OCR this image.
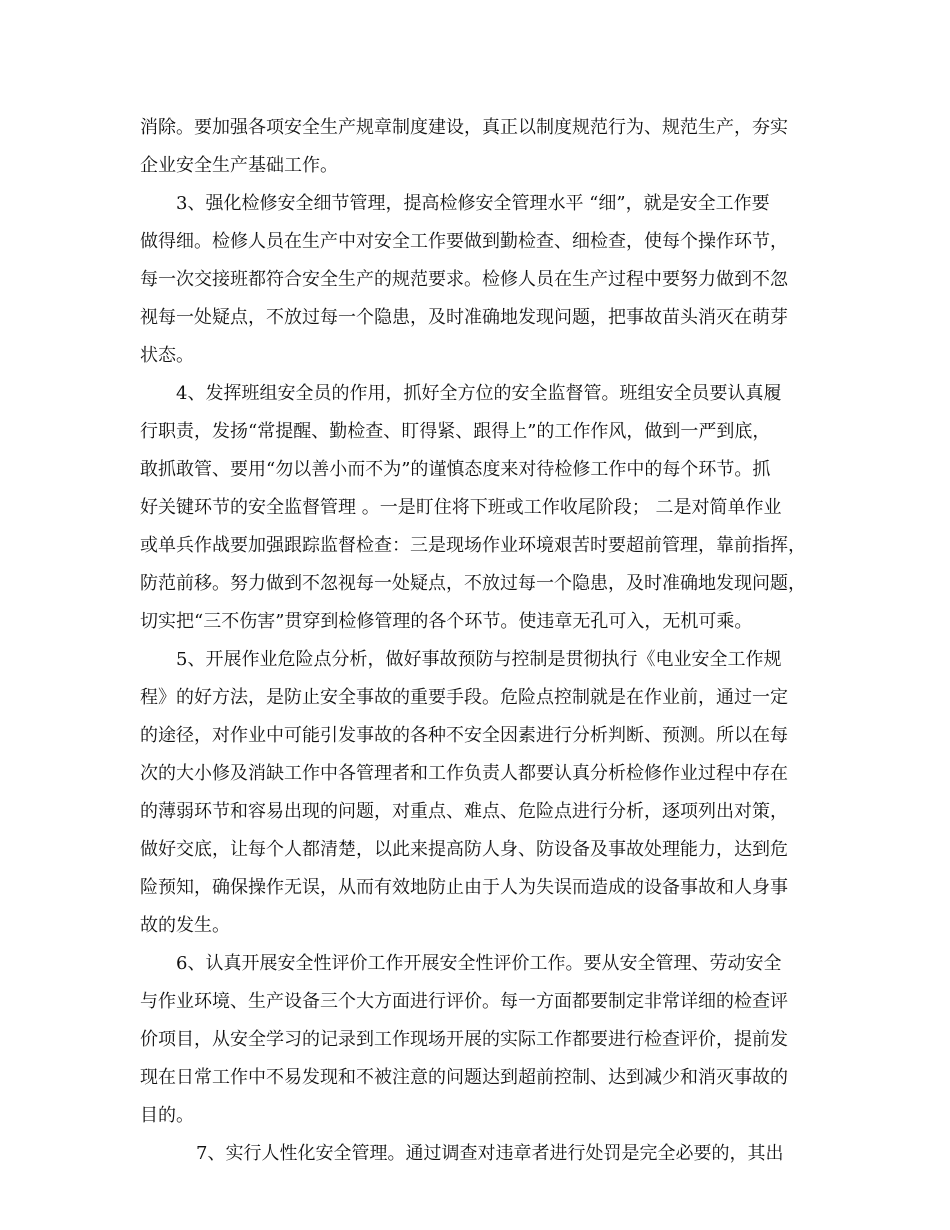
消除。要加强各项安全生产规章制度建设，真正以制度规范行为、规范生产，夯实
企业安全生产基础工作。
3、强化检修安全细节管理，提高检修安全管理水平 “细”，就是安全工作要
做得细。检修人员在生产中对安全工作要做到勤检查、细检查，使每个操作环节，
每一次交接班都符合安全生产的规范要求。检修人员在生产过程中要努力做到不忽
视每一处疑点，不放过每一个隐患，及时准确地发现问题，把事故苗头消灭在萌芽
状态。
4、发挥班组安全员的作用，抓好全方位的安全监督管。班组安全员要认真履
行职责，发扬“常提醒、勤检查、盯得紧、跟得上”的工作作风，做到一严到底，
敢抓敢管、要用“勿以善小而不为”的谨慎态度来对待检修工作中的每个环节。抓
好关键环节的安全监督管理 。一是盯住将下班或工作收尾阶段； 二是对简单作业
或单兵作战要加强跟踪监督检查：三是现场作业环境艰苦时要超前管理，靠前指挥，
防范前移。努力做到不忽视每一处疑点，不放过每一个隐患，及时准确地发现问题，
切实把“三不伤害”贯穿到检修管理的各个环节。使违章无孔可入，无机可乘。
5、开展作业危险点分析，做好事故预防与控制是贯彻执行《电业安全工作规
程》的好方法，是防止安全事故的重要手段。危险点控制就是在作业前，通过一定
的途径，对作业中可能引发事故的各种不安全因素进行分析判断、预测。所以在每
次的大小修及消缺工作中各管理者和工作负责人都要认真分析检修作业过程中存在
的薄弱环节和容易出现的问题，对重点、难点、危险点进行分析，逐项列出对策，
做好交底，让每个人都清楚，以此来提高防人身、防设备及事故处理能力，达到危
险预知，确保操作无误，从而有效地防止由于人为失误而造成的设备事故和人身事
故的发生。
6、认真开展安全性评价工作开展安全性评价工作。要从安全管理、劳动安全
与作业环境、生产设备三个大方面进行评价。每一方面都要制定非常详细的检查评
价项目，从安全学习的记录到工作现场开展的实际工作都要进行检查评价，提前发
现在日常工作中不易发现和不被注意的问题达到超前控制、达到减少和消灭事故的
目的。
7、实行人性化安全管理。通过调查对违章者进行处罚是完全必要的，其出
